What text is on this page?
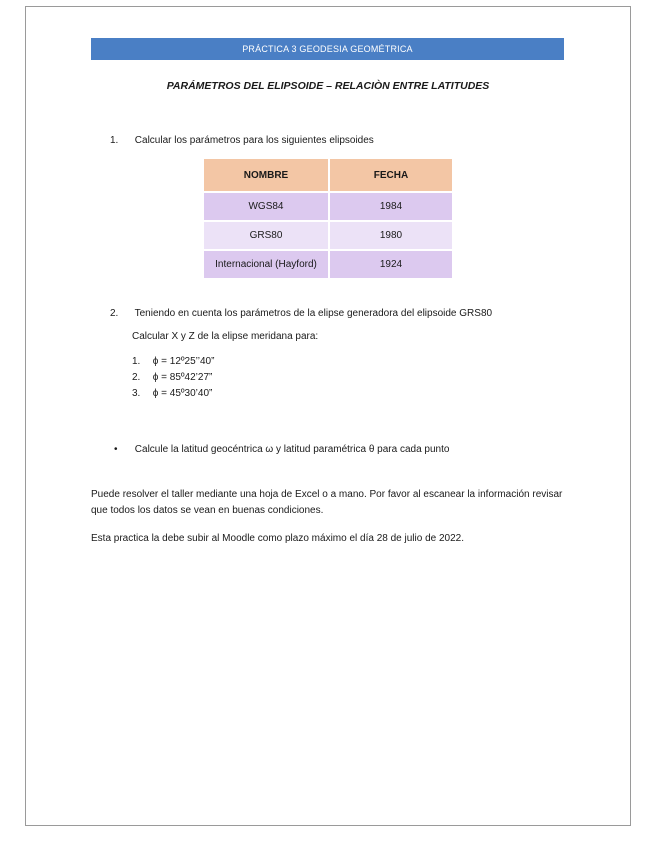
PRÁCTICA 3 GEODESIA GEOMÉTRICA
PARÁMETROS DEL ELIPSOIDE – RELACIÒN ENTRE LATITUDES
1. Calcular los parámetros para los siguientes elipsoides
NOMBRE	FECHA
WGS84	1984
GRS80	1980
Internacional (Hayford)	1924
2. Teniendo en cuenta los parámetros de la elipse generadora del elipsoide GRS80
Calcular X y Z de la elipse meridana para:
1. ϕ = 12º25’’40”
2. ϕ = 85º42’27”
3. ϕ = 45º30’40”
• Calcule la latitud geocéntrica ω y latitud paramétrica θ para cada punto
Puede resolver el taller mediante una hoja de Excel o a mano. Por favor al escanear la información revisar que todos los datos se vean en buenas condiciones.
Esta practica la debe subir al Moodle como plazo máximo el día 28 de julio de 2022.
